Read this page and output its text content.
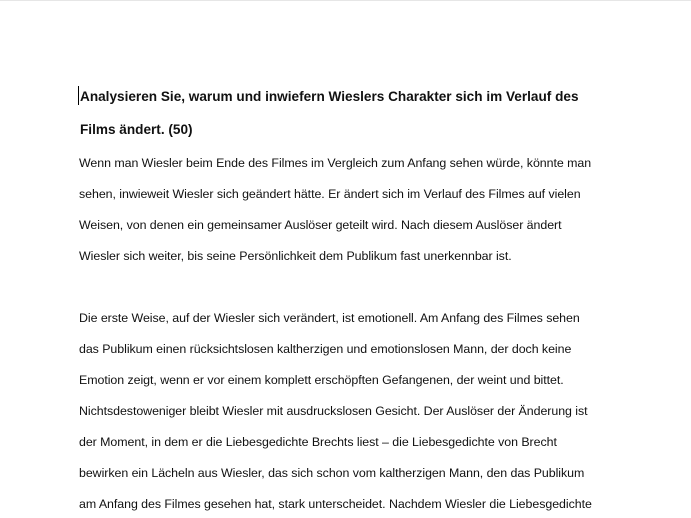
Analysieren Sie, warum und inwiefern Wieslers Charakter sich im Verlauf des

Films ändert. (50)

Wenn man Wiesler beim Ende des Filmes im Vergleich zum Anfang sehen würde, könnte man

sehen, inwieweit Wiesler sich geändert hätte. Er ändert sich im Verlauf des Filmes auf vielen

Weisen, von denen ein gemeinsamer Auslöser geteilt wird. Nach diesem Auslöser ändert

Wiesler sich weiter, bis seine Persönlichkeit dem Publikum fast unerkennbar ist.

Die erste Weise, auf der Wiesler sich verändert, ist emotionell. Am Anfang des Filmes sehen

das Publikum einen rücksichtslosen kaltherzigen und emotionslosen Mann, der doch keine

Emotion zeigt, wenn er vor einem komplett erschöpften Gefangenen, der weint und bittet.

Nichtsdestoweniger bleibt Wiesler mit ausdruckslosen Gesicht. Der Auslöser der Änderung ist

der Moment, in dem er die Liebesgedichte Brechts liest – die Liebesgedichte von Brecht

bewirken ein Lächeln aus Wiesler, das sich schon vom kaltherzigen Mann, den das Publikum

am Anfang des Filmes gesehen hat, stark unterscheidet. Nachdem Wiesler die Liebesgedichte
